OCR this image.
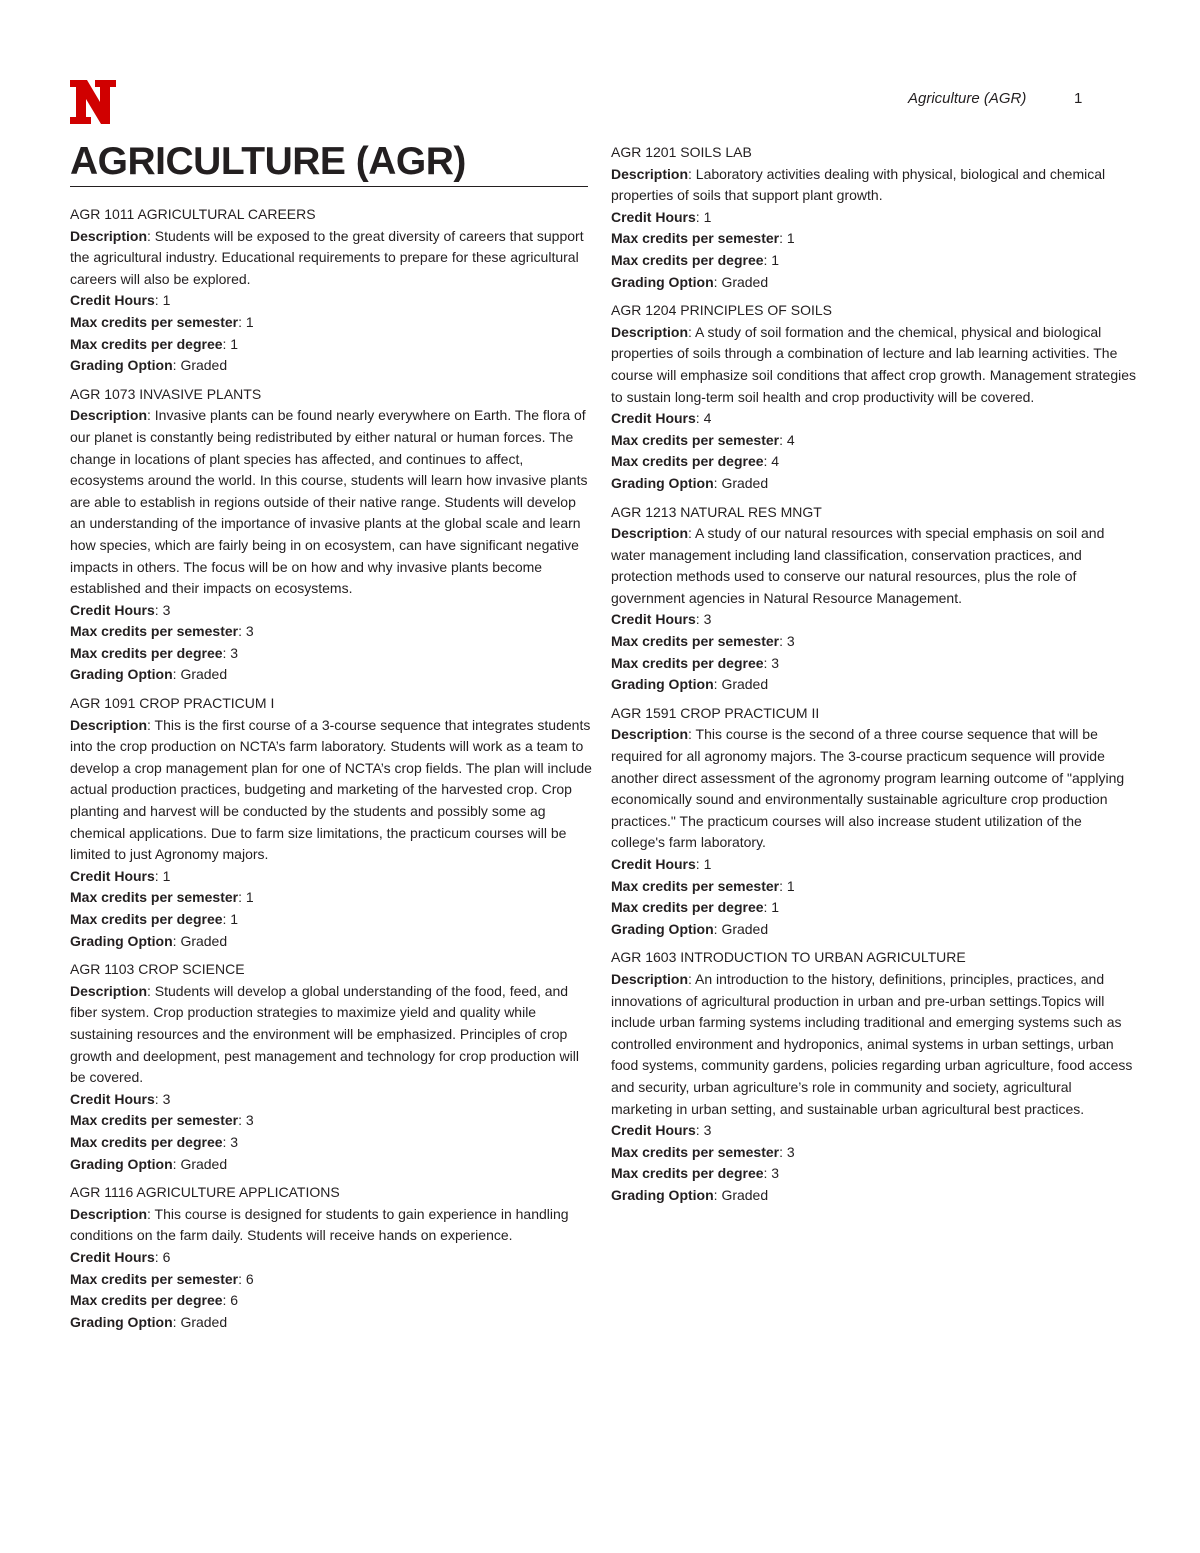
Agriculture (AGR)	1
AGRICULTURE (AGR)
AGR 1011 AGRICULTURAL CAREERS
Description: Students will be exposed to the great diversity of careers that support the agricultural industry. Educational requirements to prepare for these agricultural careers will also be explored.
Credit Hours: 1
Max credits per semester: 1
Max credits per degree: 1
Grading Option: Graded
AGR 1073 INVASIVE PLANTS
Description: Invasive plants can be found nearly everywhere on Earth. The flora of our planet is constantly being redistributed by either natural or human forces. The change in locations of plant species has affected, and continues to affect, ecosystems around the world. In this course, students will learn how invasive plants are able to establish in regions outside of their native range. Students will develop an understanding of the importance of invasive plants at the global scale and learn how species, which are fairly being in on ecosystem, can have significant negative impacts in others. The focus will be on how and why invasive plants become established and their impacts on ecosystems.
Credit Hours: 3
Max credits per semester: 3
Max credits per degree: 3
Grading Option: Graded
AGR 1091 CROP PRACTICUM I
Description: This is the first course of a 3-course sequence that integrates students into the crop production on NCTA’s farm laboratory. Students will work as a team to develop a crop management plan for one of NCTA’s crop fields. The plan will include actual production practices, budgeting and marketing of the harvested crop. Crop planting and harvest will be conducted by the students and possibly some ag chemical applications. Due to farm size limitations, the practicum courses will be limited to just Agronomy majors.
Credit Hours: 1
Max credits per semester: 1
Max credits per degree: 1
Grading Option: Graded
AGR 1103 CROP SCIENCE
Description: Students will develop a global understanding of the food, feed, and fiber system. Crop production strategies to maximize yield and quality while sustaining resources and the environment will be emphasized. Principles of crop growth and deelopment, pest management and technology for crop production will be covered.
Credit Hours: 3
Max credits per semester: 3
Max credits per degree: 3
Grading Option: Graded
AGR 1116 AGRICULTURE APPLICATIONS
Description: This course is designed for students to gain experience in handling conditions on the farm daily. Students will receive hands on experience.
Credit Hours: 6
Max credits per semester: 6
Max credits per degree: 6
Grading Option: Graded
AGR 1201 SOILS LAB
Description: Laboratory activities dealing with physical, biological and chemical properties of soils that support plant growth.
Credit Hours: 1
Max credits per semester: 1
Max credits per degree: 1
Grading Option: Graded
AGR 1204 PRINCIPLES OF SOILS
Description: A study of soil formation and the chemical, physical and biological properties of soils through a combination of lecture and lab learning activities. The course will emphasize soil conditions that affect crop growth. Management strategies to sustain long-term soil health and crop productivity will be covered.
Credit Hours: 4
Max credits per semester: 4
Max credits per degree: 4
Grading Option: Graded
AGR 1213 NATURAL RES MNGT
Description: A study of our natural resources with special emphasis on soil and water management including land classification, conservation practices, and protection methods used to conserve our natural resources, plus the role of government agencies in Natural Resource Management.
Credit Hours: 3
Max credits per semester: 3
Max credits per degree: 3
Grading Option: Graded
AGR 1591 CROP PRACTICUM II
Description: This course is the second of a three course sequence that will be required for all agronomy majors. The 3-course practicum sequence will provide another direct assessment of the agronomy program learning outcome of "applying economically sound and environmentally sustainable agriculture crop production practices." The practicum courses will also increase student utilization of the college's farm laboratory.
Credit Hours: 1
Max credits per semester: 1
Max credits per degree: 1
Grading Option: Graded
AGR 1603 INTRODUCTION TO URBAN AGRICULTURE
Description: An introduction to the history, definitions, principles, practices, and innovations of agricultural production in urban and pre-urban settings.Topics will include urban farming systems including traditional and emerging systems such as controlled environment and hydroponics, animal systems in urban settings, urban food systems, community gardens, policies regarding urban agriculture, food access and security, urban agriculture’s role in community and society, agricultural marketing in urban setting, and sustainable urban agricultural best practices.
Credit Hours: 3
Max credits per semester: 3
Max credits per degree: 3
Grading Option: Graded
